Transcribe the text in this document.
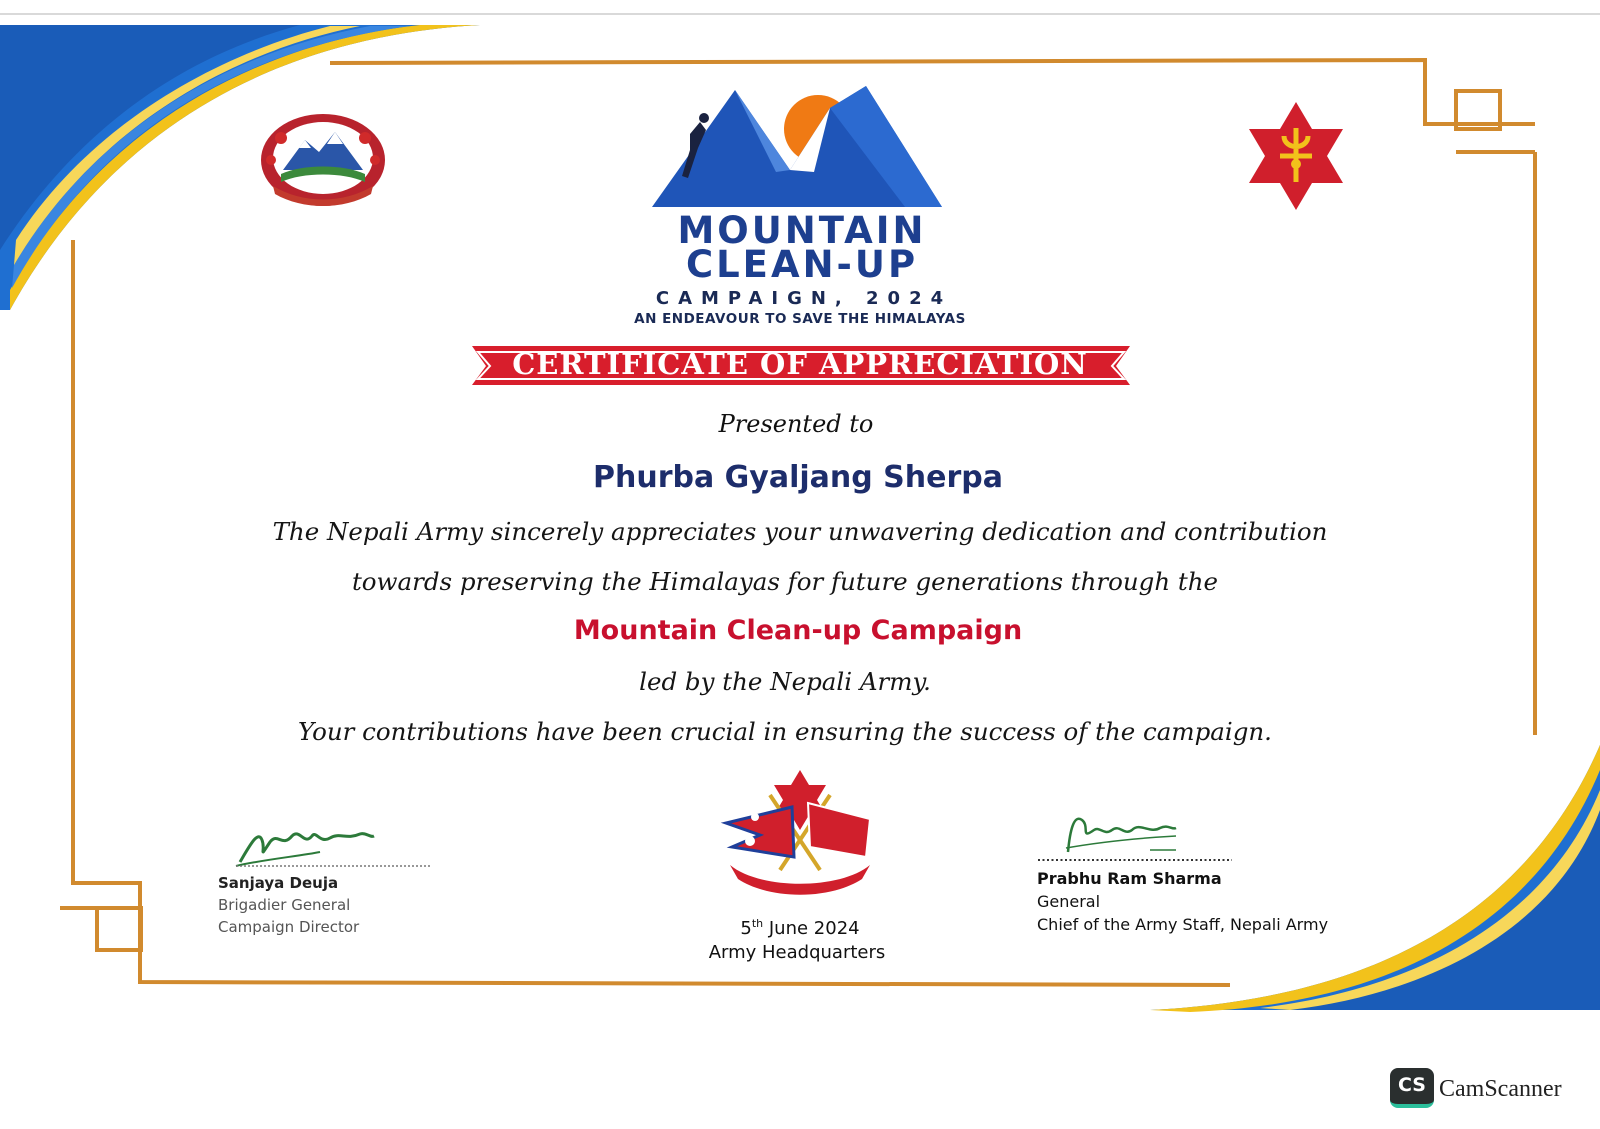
MOUNTAIN
CLEAN-UP
CAMPAIGN, 2024
AN ENDEAVOUR TO SAVE THE HIMALAYAS
CERTIFICATE OF APPRECIATION
Presented to
Phurba Gyaljang Sherpa
The Nepali Army sincerely appreciates your unwavering dedication and contribution
towards preserving the Himalayas for future generations through the
Mountain Clean-up Campaign
led by the Nepali Army.
Your contributions have been crucial in ensuring the success of the campaign.
Sanjaya Deuja
Brigadier General
Campaign Director	5th June 2024
Army Headquarters
Prabhu Ram Sharma
General
Chief of the Army Staff, Nepali Army
CS CamScanner
